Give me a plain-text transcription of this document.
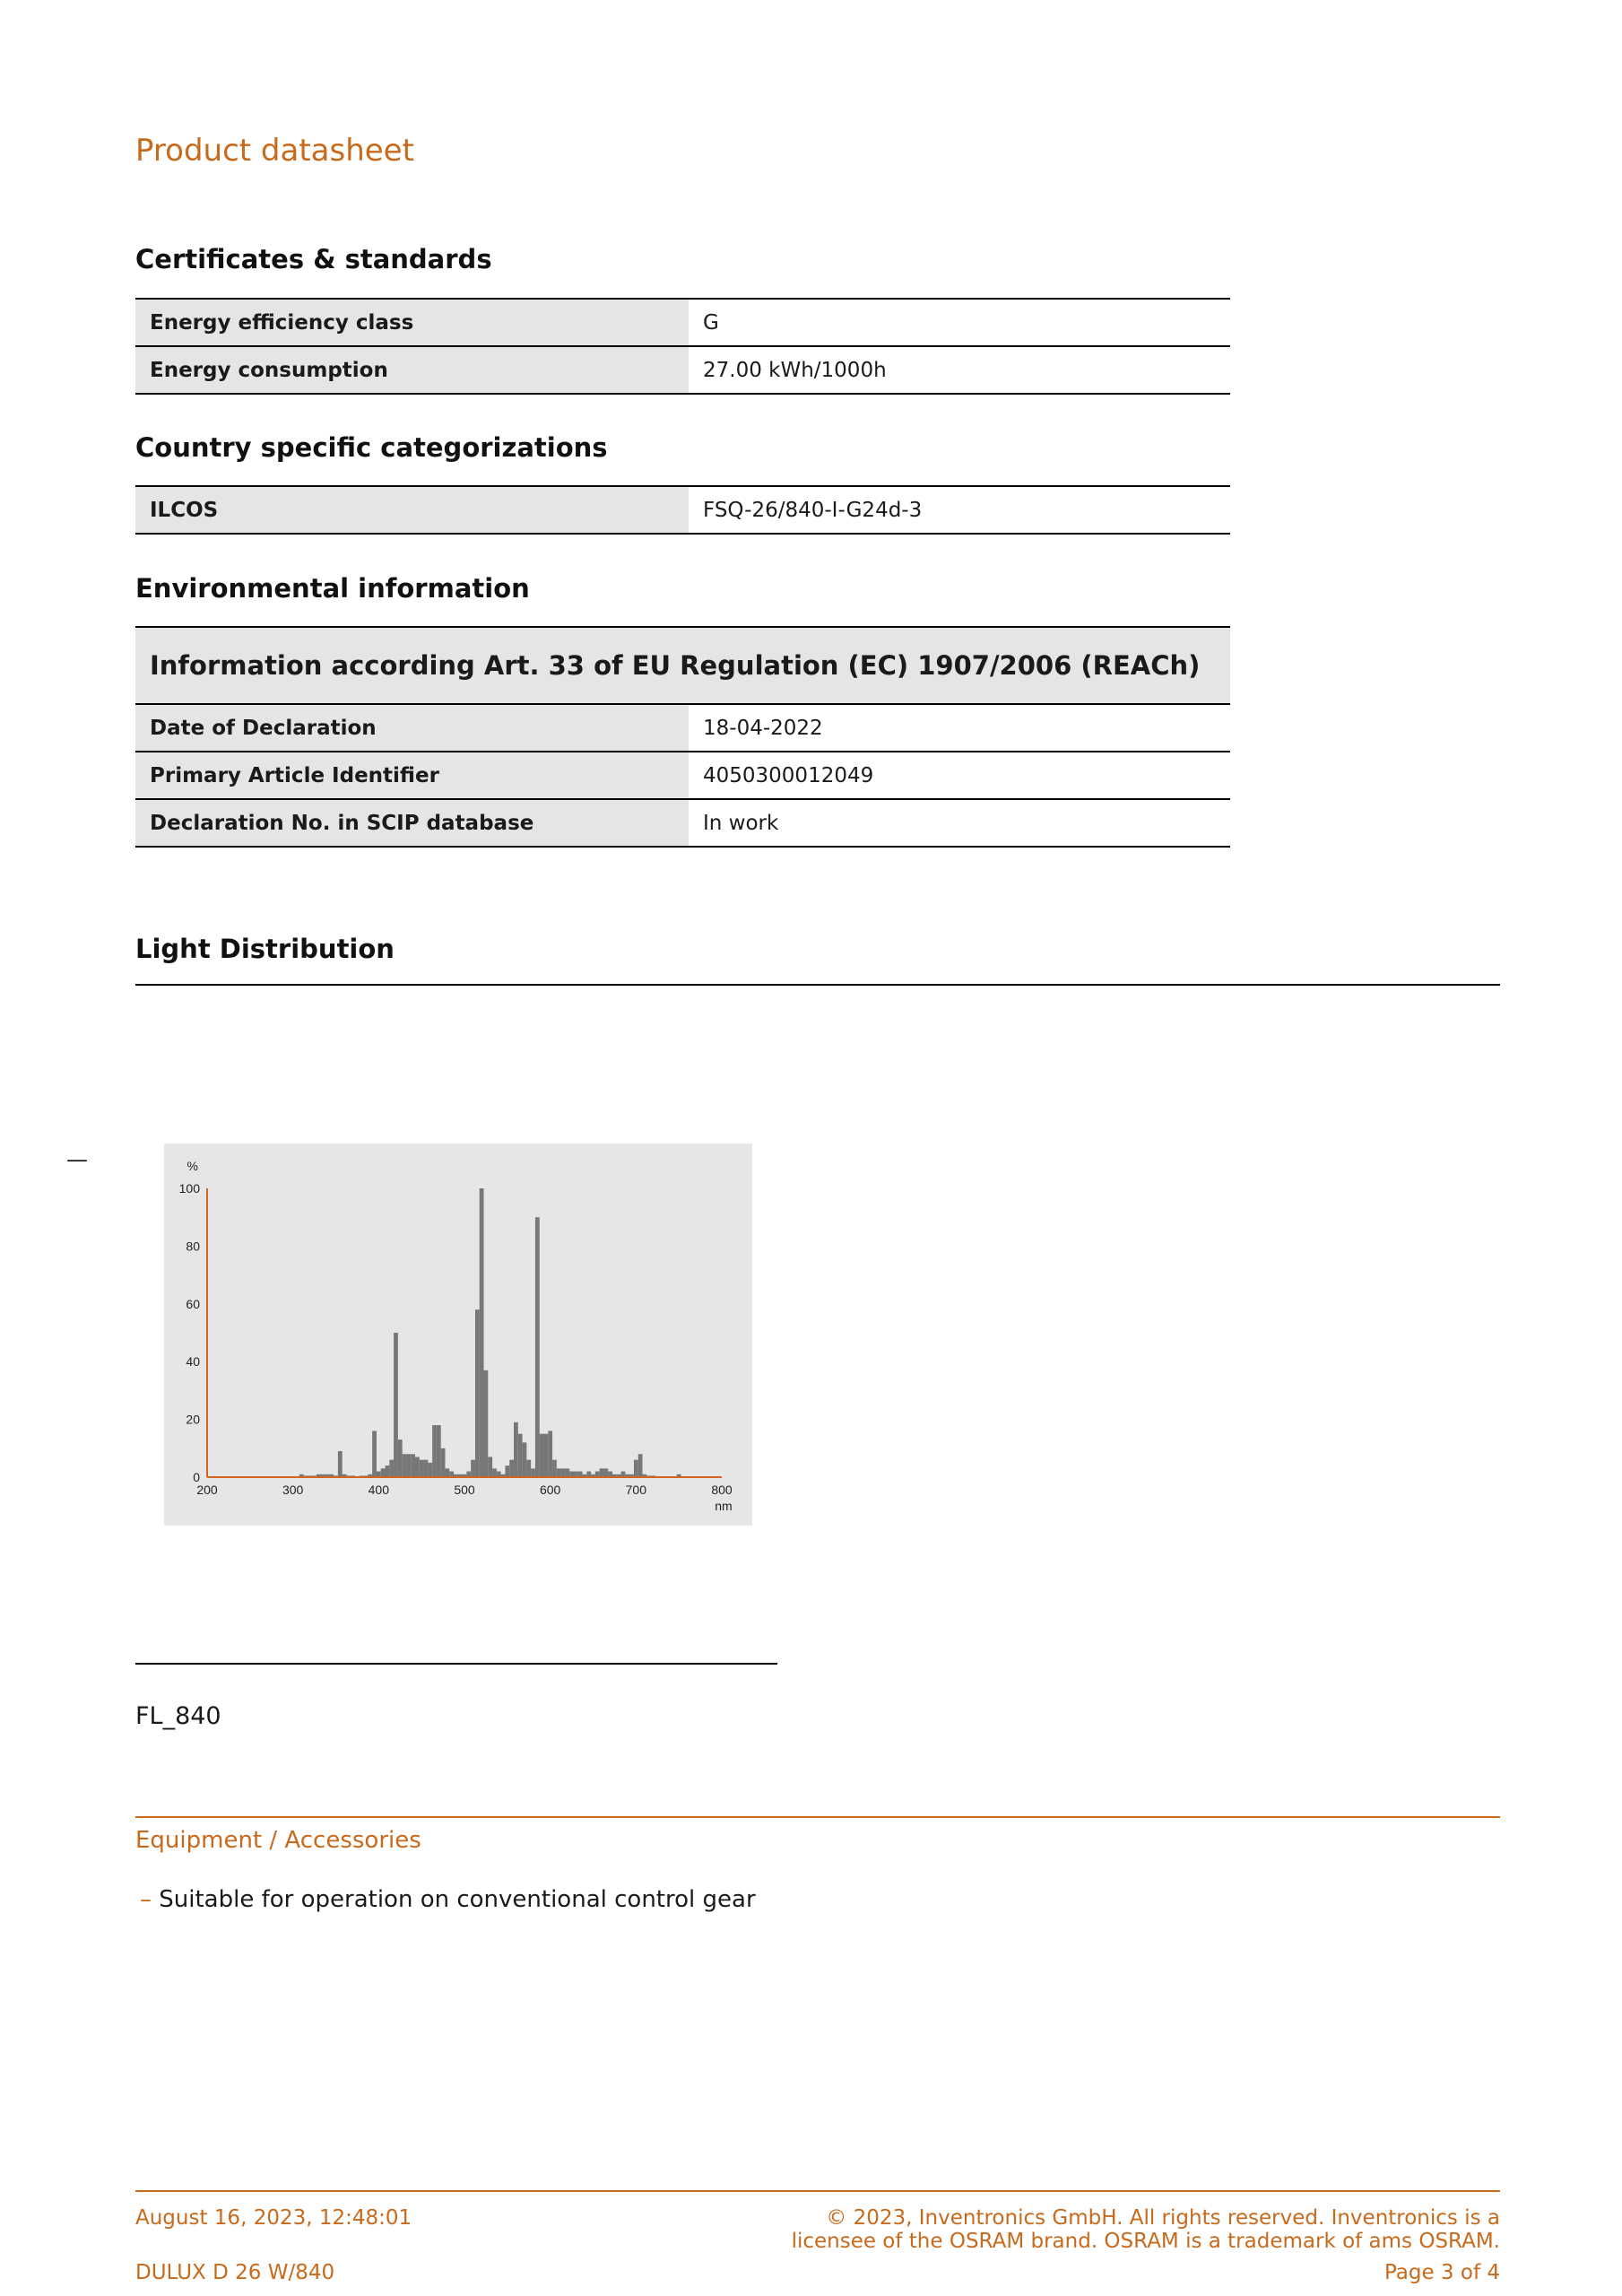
Product datasheet
Certificates & standards
Energy efficiency class	G
Energy consumption	27.00 kWh/1000h
Country specific categorizations
ILCOS	FSQ-26/840-I-G24d-3
Environmental information
Information according Art. 33 of EU Regulation (EC) 1907/2006 (REACh)	
Date of Declaration	18-04-2022
Primary Article Identifier	4050300012049
Declaration No. in SCIP database	In work
Light Distribution
—
0
20
40
60
80
100
200	300	400	500	600	700	800
%
nm
FL_840
Equipment / Accessories
– Suitable for operation on conventional control gear
August 16, 2023, 12:48:01	© 2023, Inventronics GmbH. All rights reserved. Inventronics is a
licensee of the OSRAM brand. OSRAM is a trademark of ams OSRAM.
DULUX D 26 W/840	Page 3 of 4
